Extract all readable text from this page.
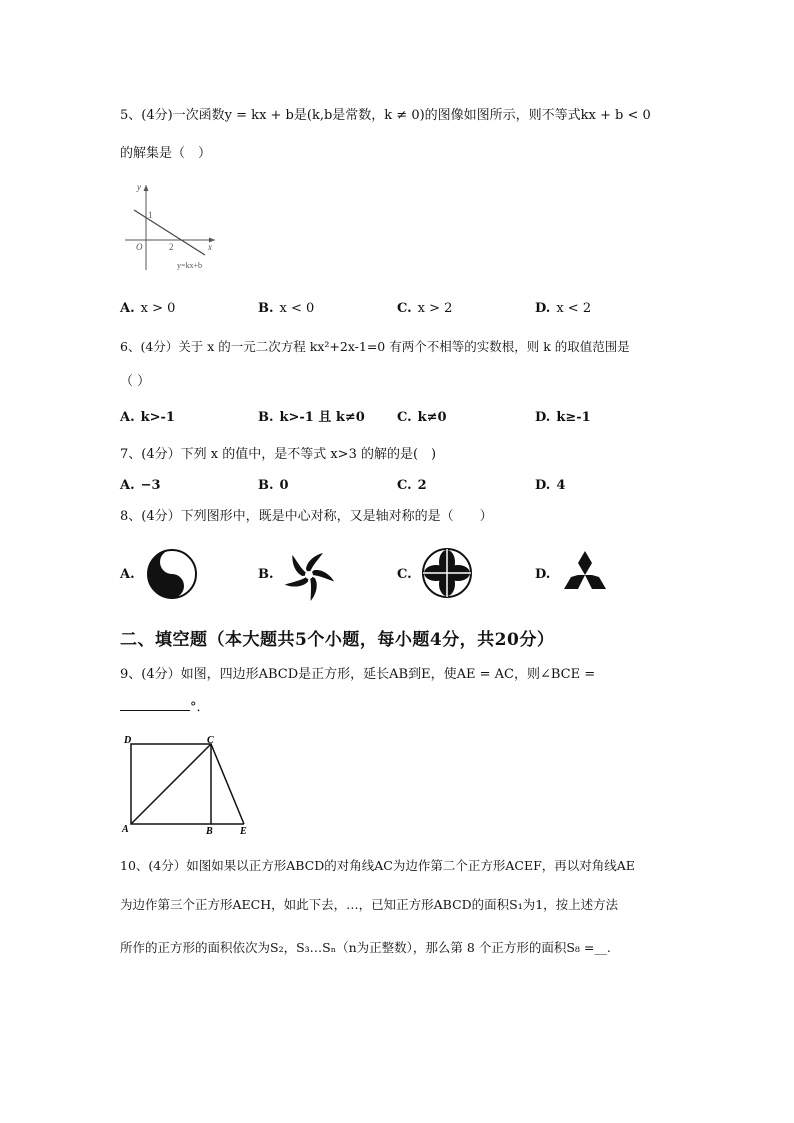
5、(4分)一次函数y = kx + b是(k,b是常数，k ≠ 0)的图像如图所示，则不等式kx + b < 0
的解集是（　）
y
x
O
1
2
y=kx+b
A. x > 0	B. x < 0	C. x > 2	D. x < 2
6、(4分）关于 x 的一元二次方程 kx²+2x-1=0 有两个不相等的实数根，则 k 的取值范围是
（ ）
A. k>-1	B. k>-1 且 k≠0 C. k≠0	D. k≥-1
7、(4分）下列 x 的值中，是不等式 x>3 的解的是(　)
A. −3	B. 0	C. 2	D. 4
8、(4分）下列图形中，既是中心对称，又是轴对称的是（　　）
A.	B.	C.	D.
二、填空题（本大题共5个小题，每小题4分，共20分）
9、(4分）如图，四边形ABCD是正方形，延长AB到E，使AE = AC，则∠BCE =
°．
D	C
A	B	E
10、(4分）如图如果以正方形ABCD的对角线AC为边作第二个正方形ACEF，再以对角线AE
为边作第三个正方形AECH，如此下去，…，已知正方形ABCD的面积S₁为1，按上述方法
所作的正方形的面积依次为S₂，S₃…Sₙ（n为正整数），那么第 8 个正方形的面积S₈ =__.
